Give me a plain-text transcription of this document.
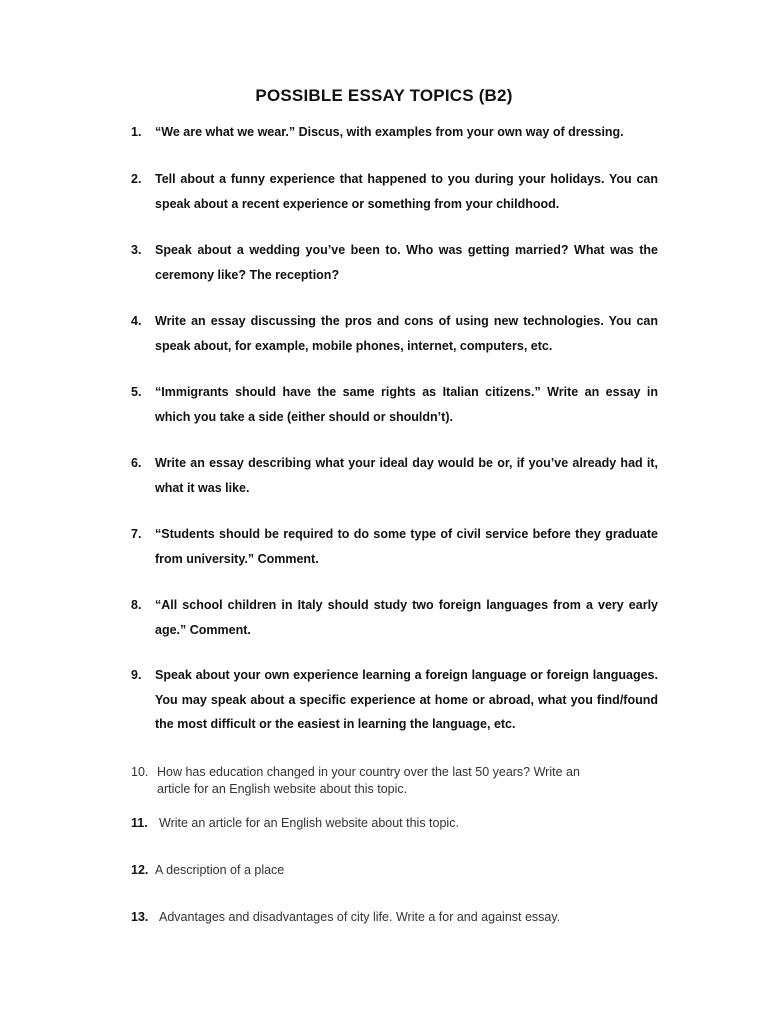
POSSIBLE ESSAY TOPICS (B2)
1.	“We are what we wear.” Discus, with examples from your own way of dressing.
2.	Tell about a funny experience that happened to you during your holidays. You can speak about a recent experience or something from your childhood.
3.	Speak about a wedding you’ve been to. Who was getting married? What was the ceremony like? The reception?
4.	Write an essay discussing the pros and cons of using new technologies. You can speak about, for example, mobile phones, internet, computers, etc.
5.	“Immigrants should have the same rights as Italian citizens.” Write an essay in which you take a side (either should or shouldn’t).
6.	Write an essay describing what your ideal day would be or, if you’ve already had it, what it was like.
7.	“Students should be required to do some type of civil service before they graduate from university.” Comment.
8.	“All school children in Italy should study two foreign languages from a very early age.” Comment.
9.	Speak about your own experience learning a foreign language or foreign languages. You may speak about a specific experience at home or abroad, what you find/found the most difficult or the easiest in learning the language, etc.
10. How has education changed in your country over the last 50 years? Write an article for an English website about this topic.
11. Write an article for an English website about this topic.
12. A description of a place
13. Advantages and disadvantages of city life. Write a for and against essay.
